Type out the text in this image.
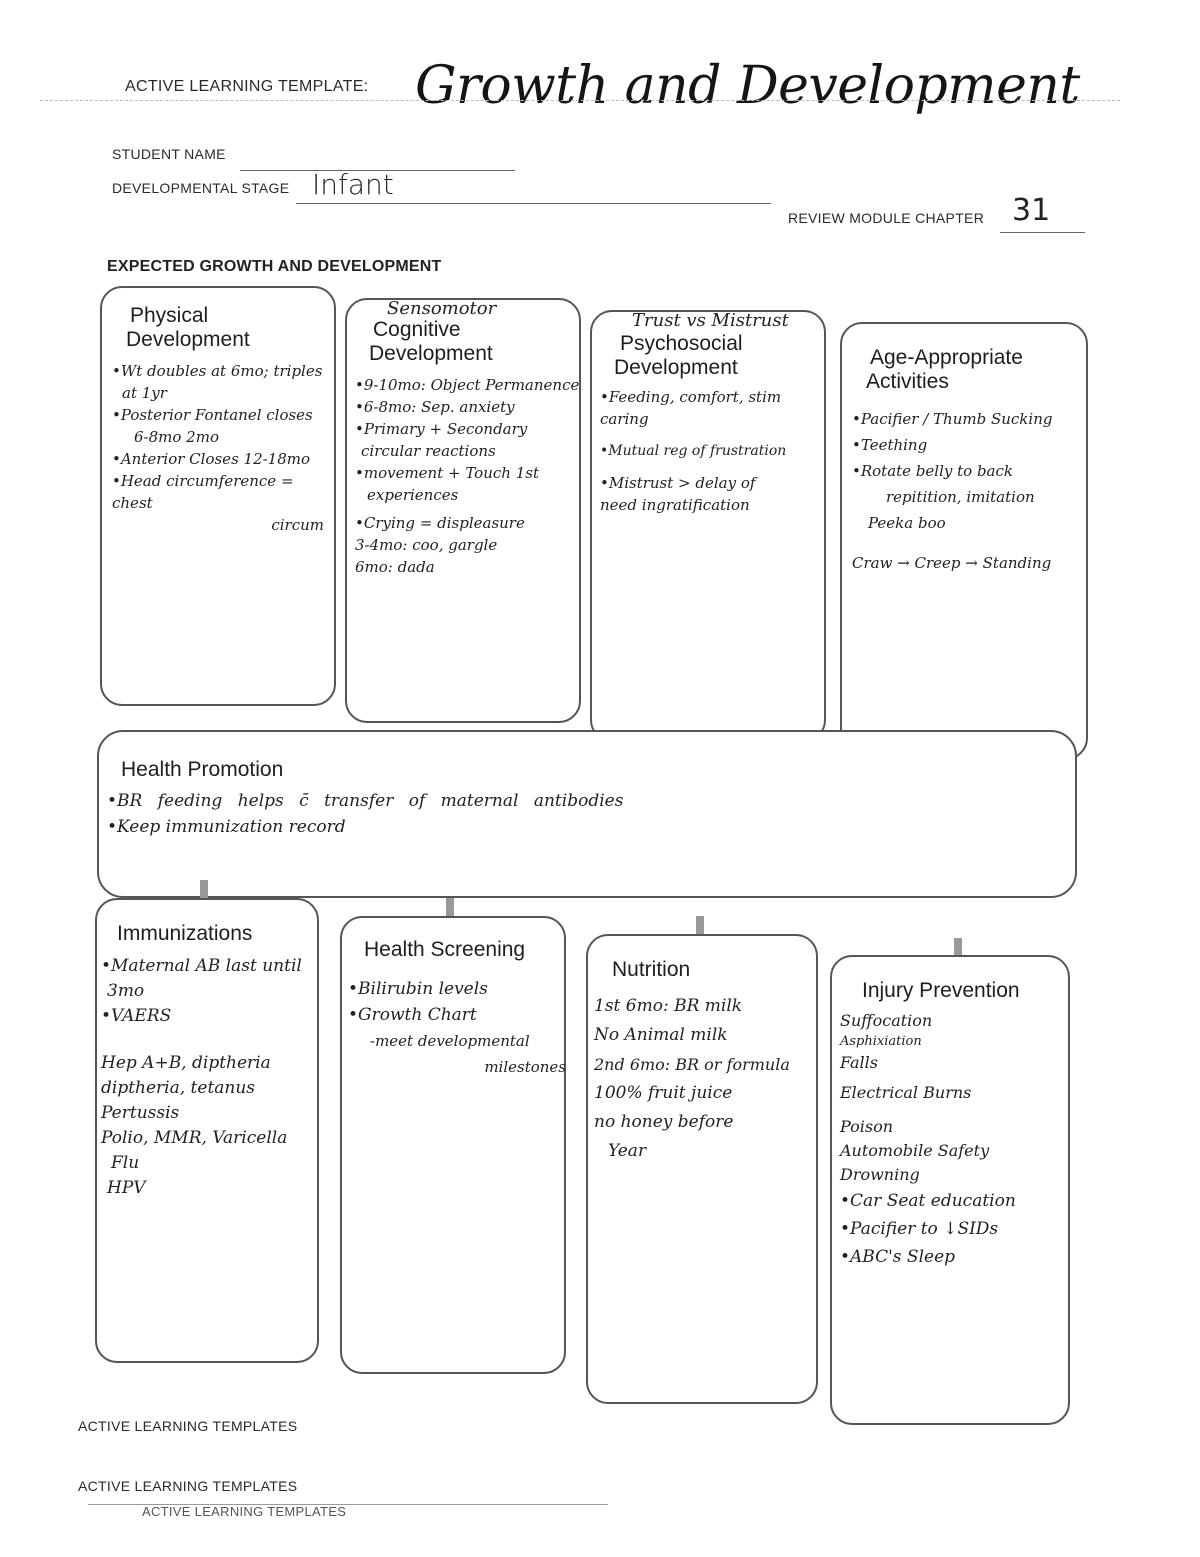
ACTIVE LEARNING TEMPLATE: Growth and Development
STUDENT NAME
DEVELOPMENTAL STAGE Infant
REVIEW MODULE CHAPTER 31
EXPECTED GROWTH AND DEVELOPMENT
Physical
Development
•Wt doubles at 6mo; triples
at 1yr
•Posterior Fontanel closes
6-8mo 2mo
•Anterior Closes 12-18mo
•Head circumference = chest
circum
Sensomotor
Cognitive
Development
•9-10mo: Object Permanence
•6-8mo: Sep. anxiety
•Primary + Secondary
circular reactions
•movement + Touch 1st
experiences
•Crying = displeasure
3-4mo: coo, gargle
6mo: dada
Trust vs Mistrust
Psychosocial
Development
•Feeding, comfort, stim
caring
•Mutual reg of frustration
•Mistrust > delay of
need ingratification
Age-Appropriate
Activities
•Pacifier / Thumb Sucking
•Teething
•Rotate belly to back
repitition, imitation
Peeka boo
Craw → Creep → Standing
Health Promotion
•BR feeding helps c̄ transfer of maternal antibodies
•Keep immunization record
Immunizations
•Maternal AB last until
3mo
•VAERS
Hep A+B, diptheria
diptheria, tetanus
Pertussis
Polio, MMR, Varicella
Flu
HPV
Health Screening
•Bilirubin levels
•Growth Chart
-meet developmental
milestones
Nutrition
1st 6mo: BR milk
No Animal milk
2nd 6mo: BR or formula
100% fruit juice
no honey before
Year
Injury Prevention
Suffocation
Asphixiation
Falls
Electrical Burns
Poison
Automobile Safety
Drowning
•Car Seat education
•Pacifier to ↓SIDs
•ABC's Sleep
ACTIVE LEARNING TEMPLATES
ACTIVE LEARNING TEMPLATES
ACTIVE LEARNING TEMPLATES
